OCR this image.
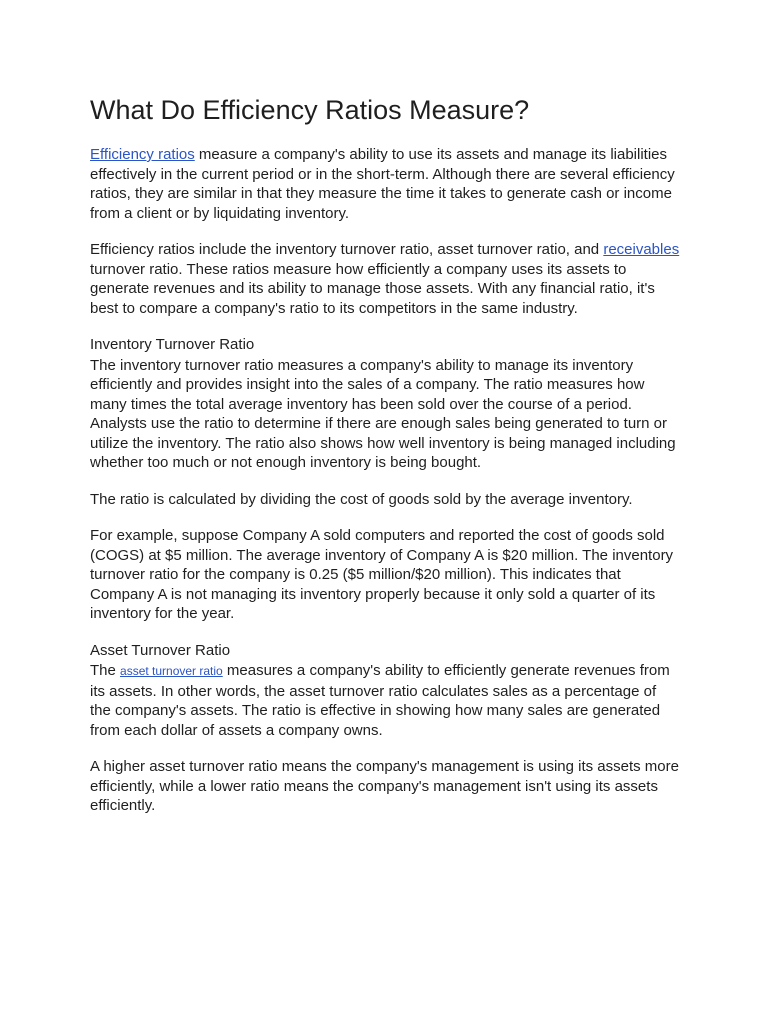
What Do Efficiency Ratios Measure?

Efficiency ratios measure a company's ability to use its assets and manage its liabilities effectively in the current period or in the short-term. Although there are several efficiency ratios, they are similar in that they measure the time it takes to generate cash or income from a client or by liquidating inventory.

Efficiency ratios include the inventory turnover ratio, asset turnover ratio, and receivables turnover ratio. These ratios measure how efficiently a company uses its assets to generate revenues and its ability to manage those assets. With any financial ratio, it's best to compare a company's ratio to its competitors in the same industry.

Inventory Turnover Ratio

The inventory turnover ratio measures a company's ability to manage its inventory efficiently and provides insight into the sales of a company. The ratio measures how many times the total average inventory has been sold over the course of a period. Analysts use the ratio to determine if there are enough sales being generated to turn or utilize the inventory. The ratio also shows how well inventory is being managed including whether too much or not enough inventory is being bought.

The ratio is calculated by dividing the cost of goods sold by the average inventory.

For example, suppose Company A sold computers and reported the cost of goods sold (COGS) at $5 million. The average inventory of Company A is $20 million. The inventory turnover ratio for the company is 0.25 ($5 million/$20 million). This indicates that Company A is not managing its inventory properly because it only sold a quarter of its inventory for the year.

Asset Turnover Ratio

The asset turnover ratio measures a company's ability to efficiently generate revenues from its assets. In other words, the asset turnover ratio calculates sales as a percentage of the company's assets. The ratio is effective in showing how many sales are generated from each dollar of assets a company owns.

A higher asset turnover ratio means the company's management is using its assets more efficiently, while a lower ratio means the company's management isn't using its assets efficiently.
